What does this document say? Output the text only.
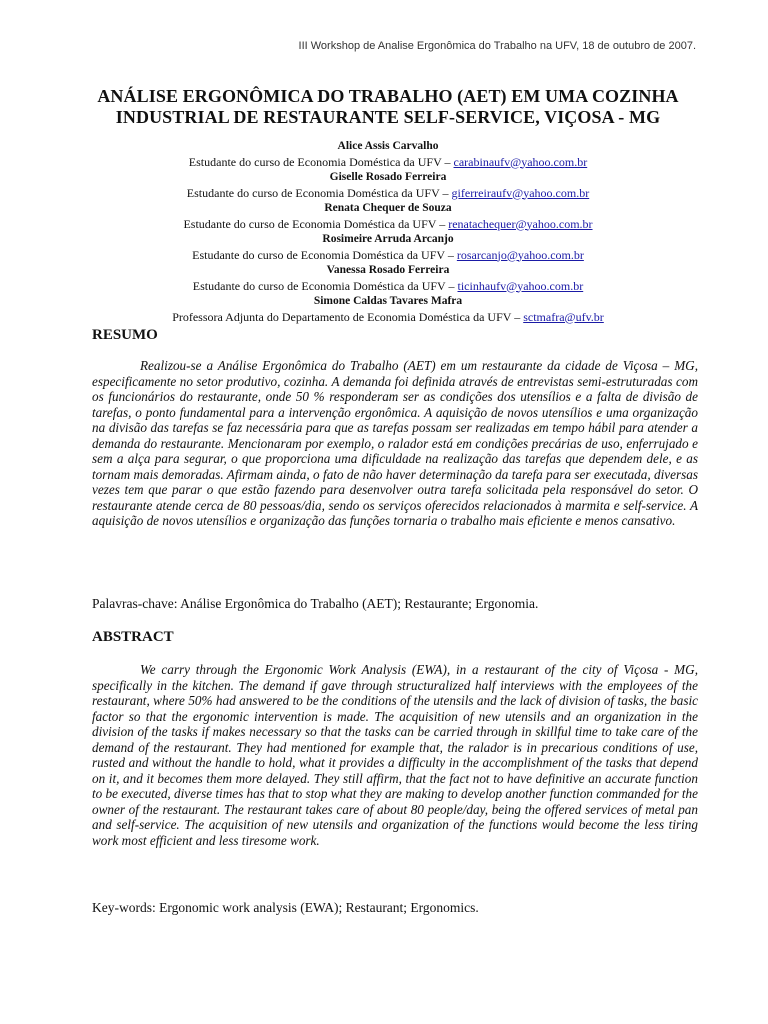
III Workshop de Analise Ergonômica do Trabalho na UFV, 18 de outubro de 2007.
ANÁLISE ERGONÔMICA DO TRABALHO (AET) EM UMA COZINHA
INDUSTRIAL DE RESTAURANTE SELF-SERVICE, VIÇOSA - MG
Alice Assis Carvalho
Estudante do curso de Economia Doméstica da UFV – carabinaufv@yahoo.com.br
Giselle Rosado Ferreira
Estudante do curso de Economia Doméstica da UFV – giferreiraufv@yahoo.com.br
Renata Chequer de Souza
Estudante do curso de Economia Doméstica da UFV – renatachequer@yahoo.com.br
Rosimeire Arruda Arcanjo
Estudante do curso de Economia Doméstica da UFV – rosarcanjo@yahoo.com.br
Vanessa Rosado Ferreira
Estudante do curso de Economia Doméstica da UFV – ticinhaufv@yahoo.com.br
Simone Caldas Tavares Mafra
Professora Adjunta do Departamento de Economia Doméstica da UFV – sctmafra@ufv.br
RESUMO

Realizou-se a Análise Ergonômica do Trabalho (AET) em um restaurante da cidade de Viçosa – MG, especificamente no setor produtivo, cozinha. A demanda foi definida através de entrevistas semi-estruturadas com os funcionários do restaurante, onde 50 % responderam ser as condições dos utensílios e a falta de divisão de tarefas, o ponto fundamental para a intervenção ergonômica. A aquisição de novos utensílios e uma organização na divisão das tarefas se faz necessária para que as tarefas possam ser realizadas em tempo hábil para atender a demanda do restaurante. Mencionaram por exemplo, o ralador está em condições precárias de uso, enferrujado e sem a alça para segurar, o que proporciona uma dificuldade na realização das tarefas que dependem dele, e as tornam mais demoradas. Afirmam ainda, o fato de não haver determinação da tarefa para ser executada, diversas vezes tem que parar o que estão fazendo para desenvolver outra tarefa solicitada pela responsável do setor. O restaurante atende cerca de 80 pessoas/dia, sendo os serviços oferecidos relacionados à marmita e self-service. A aquisição de novos utensílios e organização das funções tornaria o trabalho mais eficiente e menos cansativo.

Palavras-chave: Análise Ergonômica do Trabalho (AET); Restaurante; Ergonomia.
ABSTRACT

We carry through the Ergonomic Work Analysis (EWA), in a restaurant of the city of Viçosa - MG, specifically in the kitchen. The demand if gave through structuralized half interviews with the employees of the restaurant, where 50% had answered to be the conditions of the utensils and the lack of division of tasks, the basic factor so that the ergonomic intervention is made. The acquisition of new utensils and an organization in the division of the tasks if makes necessary so that the tasks can be carried through in skillful time to take care of the demand of the restaurant. They had mentioned for example that, the ralador is in precarious conditions of use, rusted and without the handle to hold, what it provides a difficulty in the accomplishment of the tasks that depend on it, and it becomes them more delayed. They still affirm, that the fact not to have definitive an accurate function to be executed, diverse times has that to stop what they are making to develop another function commanded for the owner of the restaurant. The restaurant takes care of about 80 people/day, being the offered services of metal pan and self-service. The acquisition of new utensils and organization of the functions would become the less tiring work most efficient and less tiresome work.

Key-words: Ergonomic work analysis (EWA); Restaurant; Ergonomics.
